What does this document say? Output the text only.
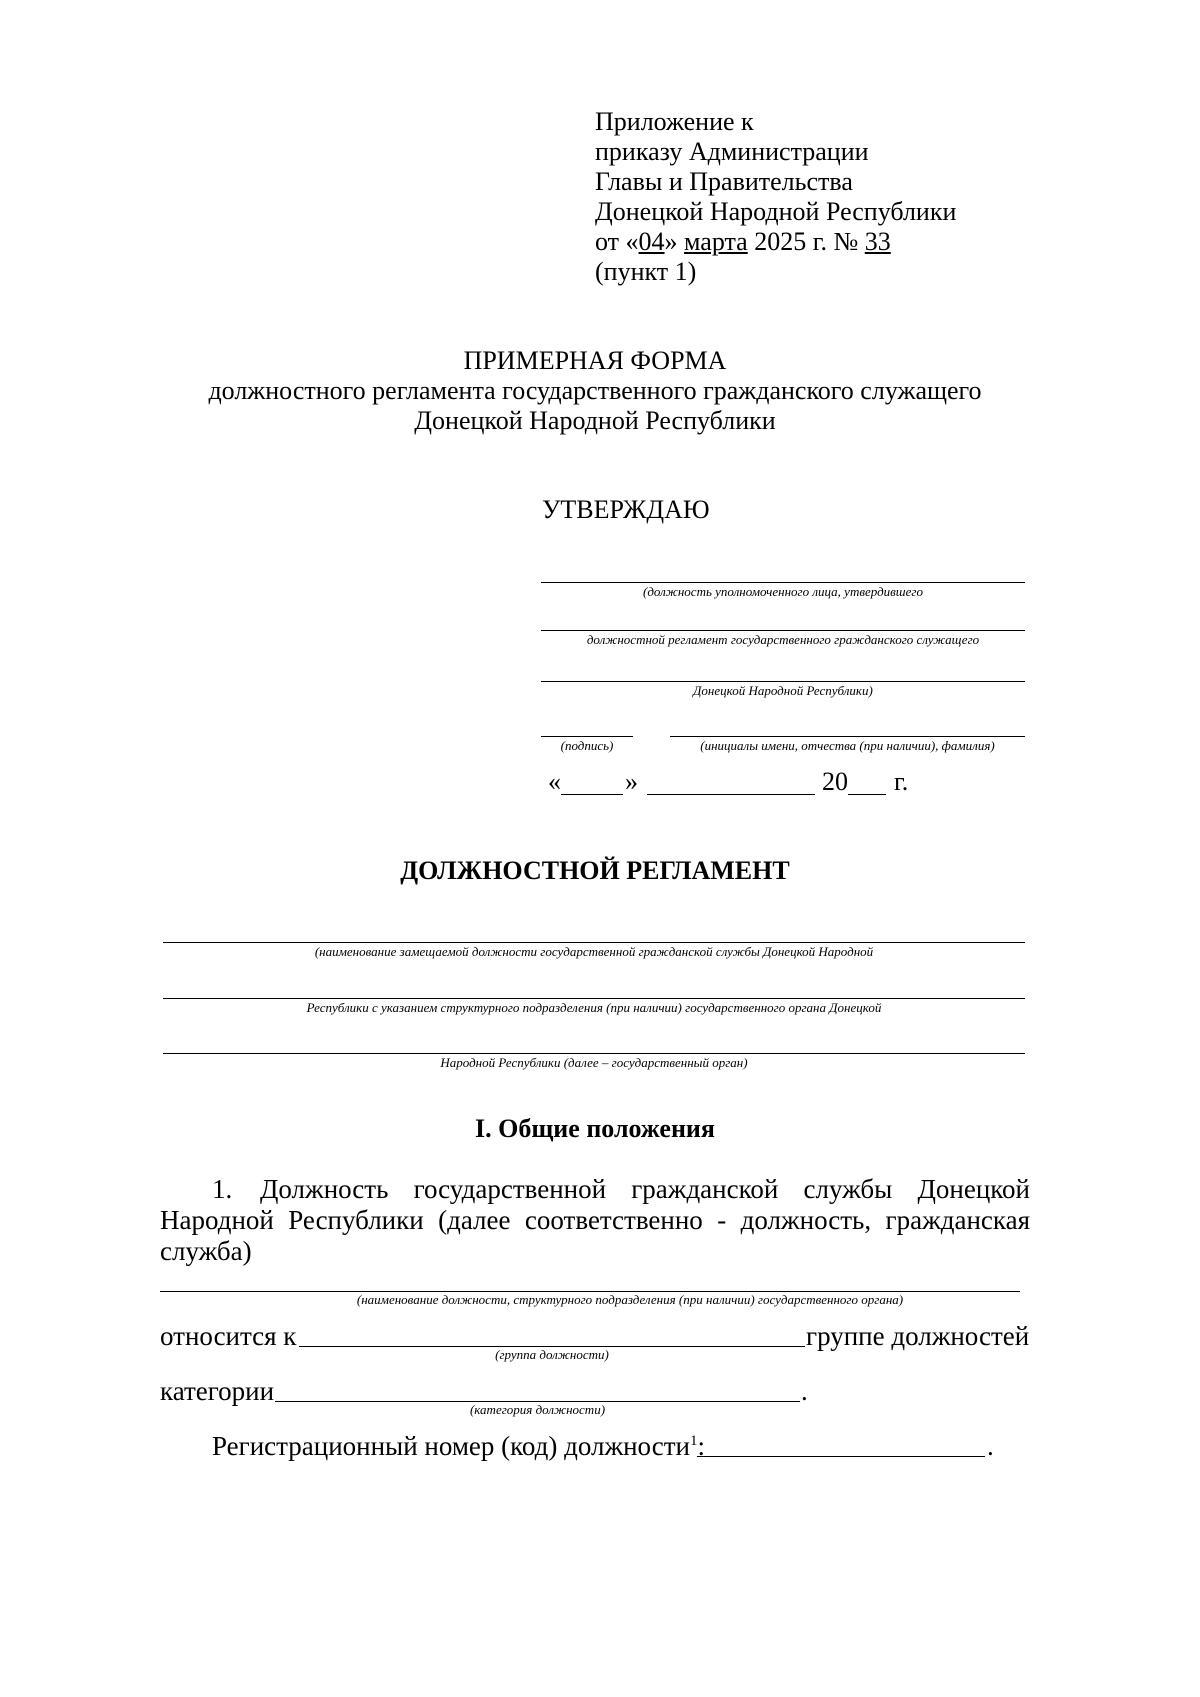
Приложение к
приказу Администрации
Главы и Правительства
Донецкой Народной Республики
от «04» марта 2025 г. № 33
(пункт 1)
ПРИМЕРНАЯ ФОРМА
должностного регламента государственного гражданского служащего
Донецкой Народной Республики
УТВЕРЖДАЮ
(должность уполномоченного лица, утвердившего
должностной регламент государственного гражданского служащего
Донецкой Народной Республики)
(подпись)	(инициалы имени, отчества (при наличии), фамилия)
« »	20 г.
ДОЛЖНОСТНОЙ РЕГЛАМЕНТ
(наименование замещаемой должности государственной гражданской службы Донецкой Народной
Республики с указанием структурного подразделения (при наличии) государственного органа Донецкой
Народной Республики (далее – государственный орган)
I. Общие положения
1. Должность государственной гражданской службы Донецкой
Народной Республики (далее соответственно - должность, гражданская
служба)
(наименование должности, структурного подразделения (при наличии) государственного органа)
относится к
(группа должности)
группе должностей
категории
(категория должности)
.
Регистрационный номер (код) должности$^1$:	.
